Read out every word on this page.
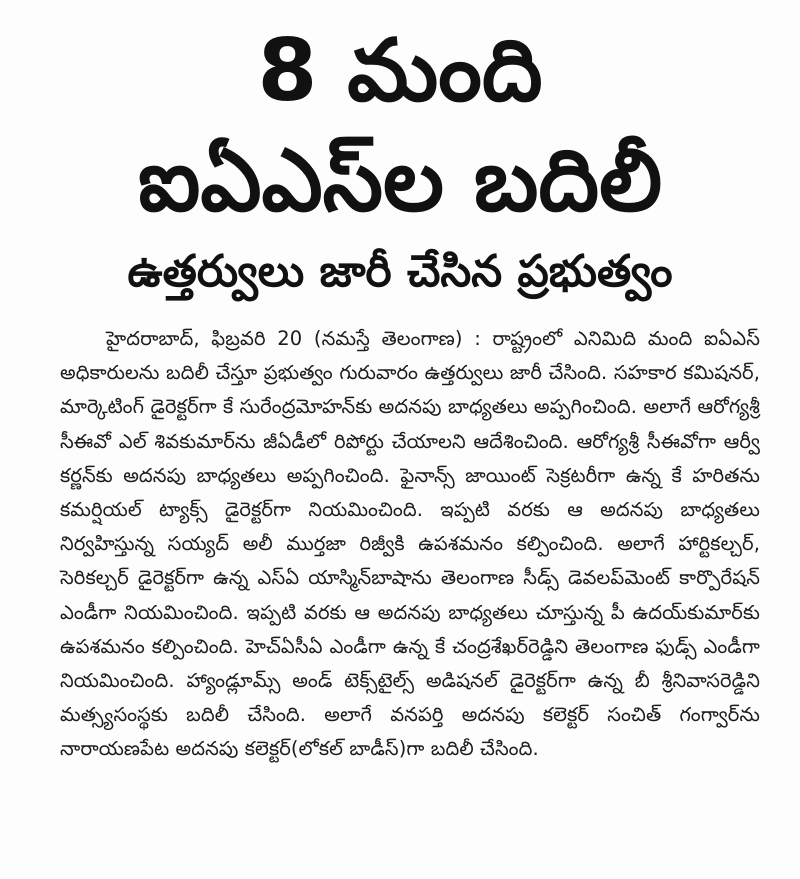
8 మంది
ఐఏఎస్‌ల బదిలీ
ఉత్తర్వులు జారీ చేసిన ప్రభుత్వం

హైదరాబాద్, ఫిబ్రవరి 20 (నమస్తే తెలంగాణ) : రాష్ట్రంలో ఎనిమిది మంది ఐఏఎస్ అధికారులను బదిలీ చేస్తూ ప్రభుత్వం గురువారం ఉత్తర్వులు జారీ చేసింది. సహకార కమిషనర్, మార్కెటింగ్ డైరెక్టర్‌గా కే సురేంద్రమోహన్‌కు అదనపు బాధ్యతలు అప్పగించింది. అలాగే ఆరోగ్యశ్రీ సీఈవో ఎల్ శివకుమార్‌ను జీఏడీలో రిపోర్టు చేయాలని ఆదేశించింది. ఆరోగ్యశ్రీ సీఈవోగా ఆర్వీ కర్ణన్‌కు అదనపు బాధ్యతలు అప్పగించింది. ఫైనాన్స్ జాయింట్ సెక్రటరీగా ఉన్న కే హరితను కమర్షియల్ ట్యాక్స్ డైరెక్టర్‌గా నియమించింది. ఇప్పటి వరకు ఆ అదనపు బాధ్యతలు నిర్వహిస్తున్న సయ్యద్ అలీ ముర్తజా రిజ్వీకి ఉపశమనం కల్పించింది. అలాగే హార్టికల్చర్, సెరికల్చర్ డైరెక్టర్‌గా ఉన్న ఎస్ఏ యాస్మిన్‌బాషాను తెలంగాణ సీడ్స్ డెవలప్‌మెంట్ కార్పొరేషన్ ఎండీగా నియమించింది. ఇప్పటి వరకు ఆ అదనపు బాధ్యతలు చూస్తున్న పీ ఉదయ్‌కుమార్‌కు ఉపశమనం కల్పించింది. హెచ్ఏసీఏ ఎండీగా ఉన్న కే చంద్రశేఖర్‌రెడ్డిని తెలంగాణ ఫుడ్స్ ఎండీగా నియమించింది. హ్యాండ్లూమ్స్ అండ్ టెక్స్‌టైల్స్ అడిషనల్ డైరెక్టర్‌గా ఉన్న బీ శ్రీనివాసరెడ్డిని మత్స్యసంస్థకు బదిలీ చేసింది. అలాగే వనపర్తి అదనపు కలెక్టర్ సంచిత్ గంగ్వార్‌ను నారాయణపేట అదనపు కలెక్టర్(లోకల్ బాడీస్)గా బదిలీ చేసింది.
